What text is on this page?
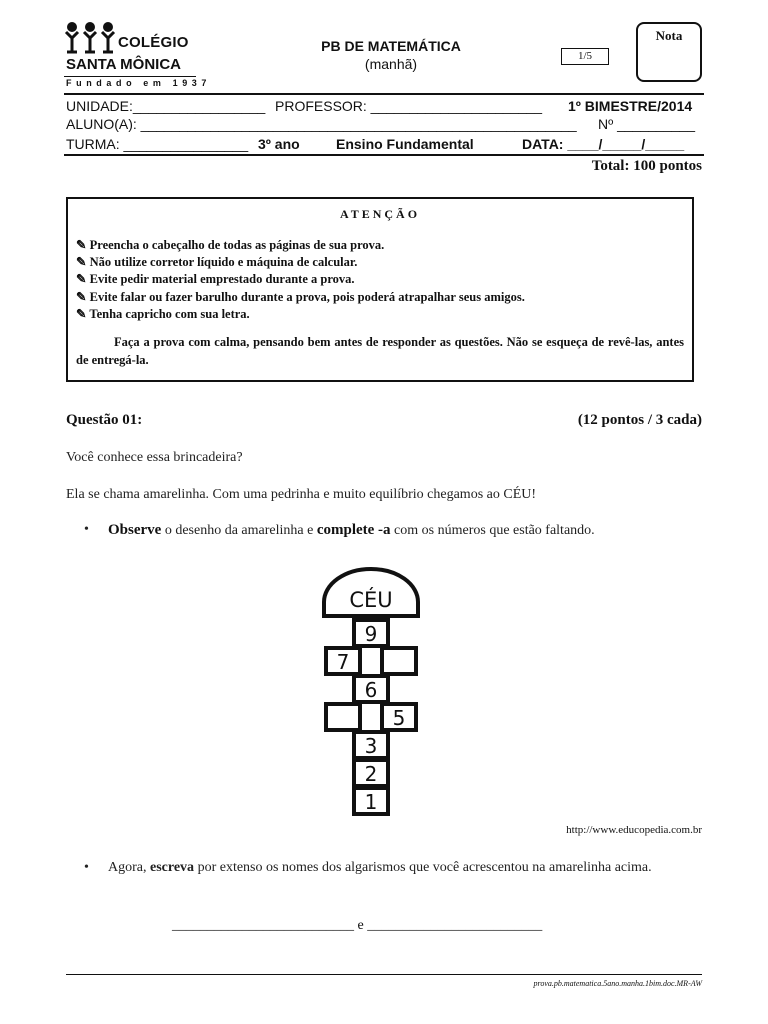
COLÉGIO
SANTA MÔNICA
Fundado em 1937
PB DE MATEMÁTICA
(manhã)	1/5
Nota
UNIDADE:_________________ PROFESSOR: ______________________ 1º BIMESTRE/2014
ALUNO(A): ________________________________________________________ Nº __________
TURMA: ________________ 3º ano	Ensino Fundamental	DATA: ____/_____/_____
Total: 100 pontos
ATENÇÃO
✎ Preencha o cabeçalho de todas as páginas de sua prova.
✎ Não utilize corretor líquido e máquina de calcular.
✎ Evite pedir material emprestado durante a prova.
✎ Evite falar ou fazer barulho durante a prova, pois poderá atrapalhar seus amigos.
✎ Tenha capricho com sua letra.
Faça a prova com calma, pensando bem antes de responder as questões. Não se esqueça de revê-las, antes de entregá-la.
Questão 01:	(12 pontos / 3 cada)
Você conhece essa brincadeira?
Ela se chama amarelinha. Com uma pedrinha e muito equilíbrio chegamos ao CÉU!
• Observe o desenho da amarelinha e complete -a com os números que estão faltando.
CÉU
9
7
6
5
3
2
1
http://www.educopedia.com.br
• Agora, escreva por extenso os nomes dos algarismos que você acrescentou na amarelinha acima.
__________________________ e _________________________
prova.pb.matematica.5ano.manha.1bim.doc.MR-AW
